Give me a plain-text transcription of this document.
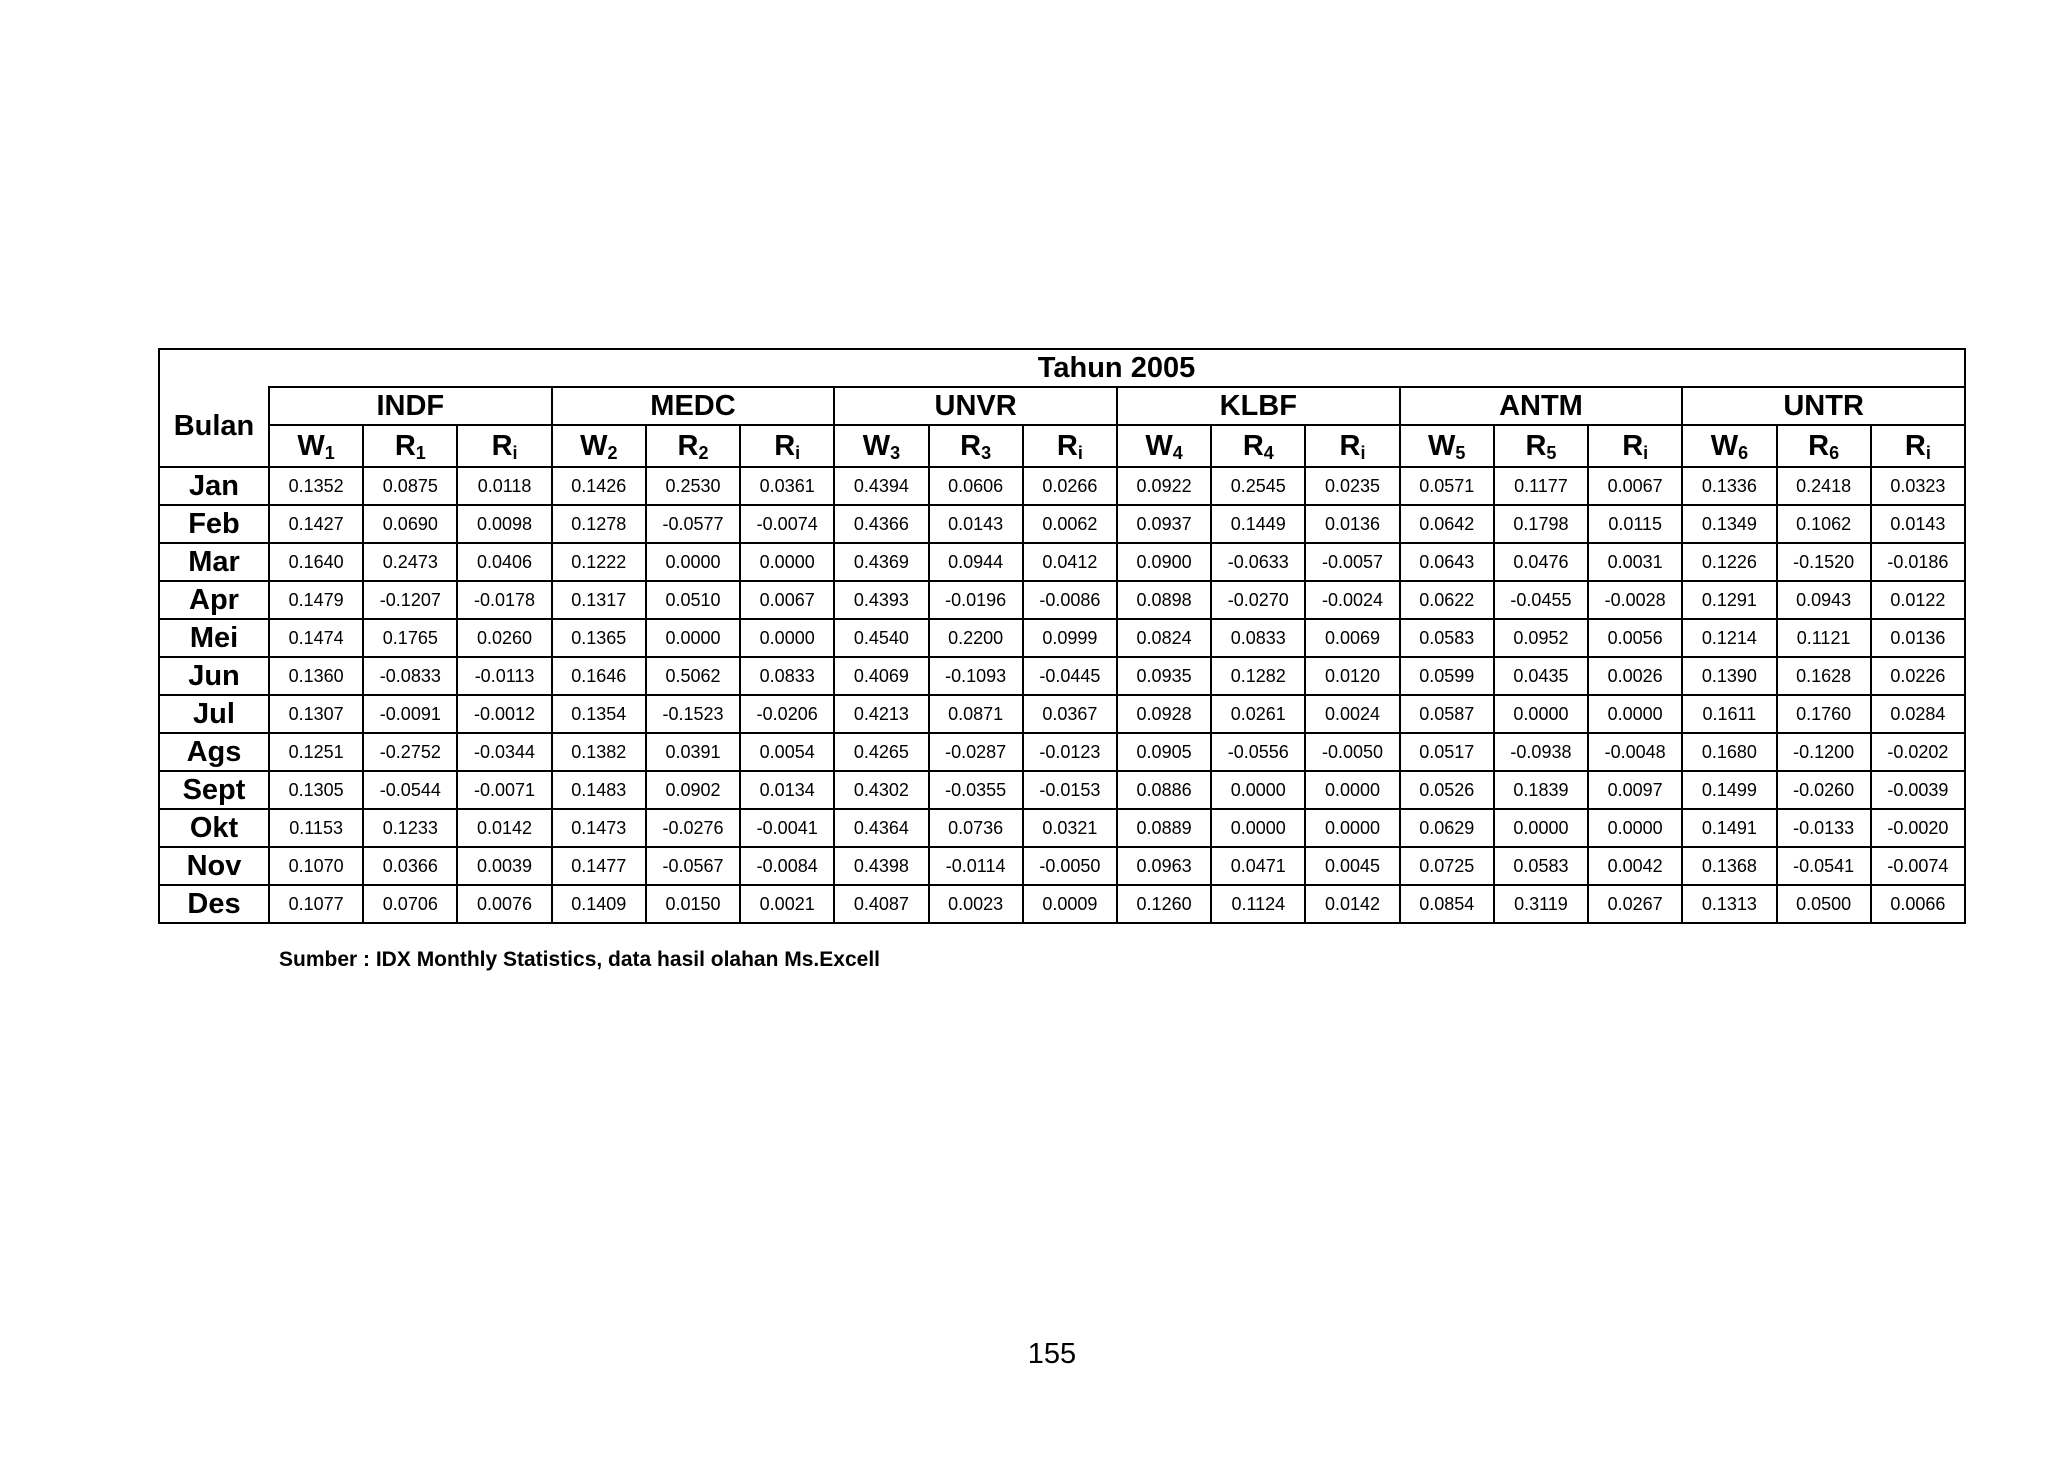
	Tahun 2005																	
Bulan	INDF			MEDC			UNVR			KLBF			ANTM			UNTR		
	$W_1$	$R_1$	$R_i$	$W_2$	$R_2$	$R_i$	$W_3$	$R_3$	$R_i$	$W_4$	$R_4$	$R_i$	$W_5$	$R_5$	$R_i$	$W_6$	$R_6$	$R_i$
Jan	0.1352	0.0875	0.0118	0.1426	0.2530	0.0361	0.4394	0.0606	0.0266	0.0922	0.2545	0.0235	0.0571	0.1177	0.0067	0.1336	0.2418	0.0323
Feb	0.1427	0.0690	0.0098	0.1278	-0.0577	-0.0074	0.4366	0.0143	0.0062	0.0937	0.1449	0.0136	0.0642	0.1798	0.0115	0.1349	0.1062	0.0143
Mar	0.1640	0.2473	0.0406	0.1222	0.0000	0.0000	0.4369	0.0944	0.0412	0.0900	-0.0633	-0.0057	0.0643	0.0476	0.0031	0.1226	-0.1520	-0.0186
Apr	0.1479	-0.1207	-0.0178	0.1317	0.0510	0.0067	0.4393	-0.0196	-0.0086	0.0898	-0.0270	-0.0024	0.0622	-0.0455	-0.0028	0.1291	0.0943	0.0122
Mei	0.1474	0.1765	0.0260	0.1365	0.0000	0.0000	0.4540	0.2200	0.0999	0.0824	0.0833	0.0069	0.0583	0.0952	0.0056	0.1214	0.1121	0.0136
Jun	0.1360	-0.0833	-0.0113	0.1646	0.5062	0.0833	0.4069	-0.1093	-0.0445	0.0935	0.1282	0.0120	0.0599	0.0435	0.0026	0.1390	0.1628	0.0226
Jul	0.1307	-0.0091	-0.0012	0.1354	-0.1523	-0.0206	0.4213	0.0871	0.0367	0.0928	0.0261	0.0024	0.0587	0.0000	0.0000	0.1611	0.1760	0.0284
Ags	0.1251	-0.2752	-0.0344	0.1382	0.0391	0.0054	0.4265	-0.0287	-0.0123	0.0905	-0.0556	-0.0050	0.0517	-0.0938	-0.0048	0.1680	-0.1200	-0.0202
Sept	0.1305	-0.0544	-0.0071	0.1483	0.0902	0.0134	0.4302	-0.0355	-0.0153	0.0886	0.0000	0.0000	0.0526	0.1839	0.0097	0.1499	-0.0260	-0.0039
Okt	0.1153	0.1233	0.0142	0.1473	-0.0276	-0.0041	0.4364	0.0736	0.0321	0.0889	0.0000	0.0000	0.0629	0.0000	0.0000	0.1491	-0.0133	-0.0020
Nov	0.1070	0.0366	0.0039	0.1477	-0.0567	-0.0084	0.4398	-0.0114	-0.0050	0.0963	0.0471	0.0045	0.0725	0.0583	0.0042	0.1368	-0.0541	-0.0074
Des	0.1077	0.0706	0.0076	0.1409	0.0150	0.0021	0.4087	0.0023	0.0009	0.1260	0.1124	0.0142	0.0854	0.3119	0.0267	0.1313	0.0500	0.0066
Sumber : IDX Monthly Statistics, data hasil olahan Ms.Excell
155
